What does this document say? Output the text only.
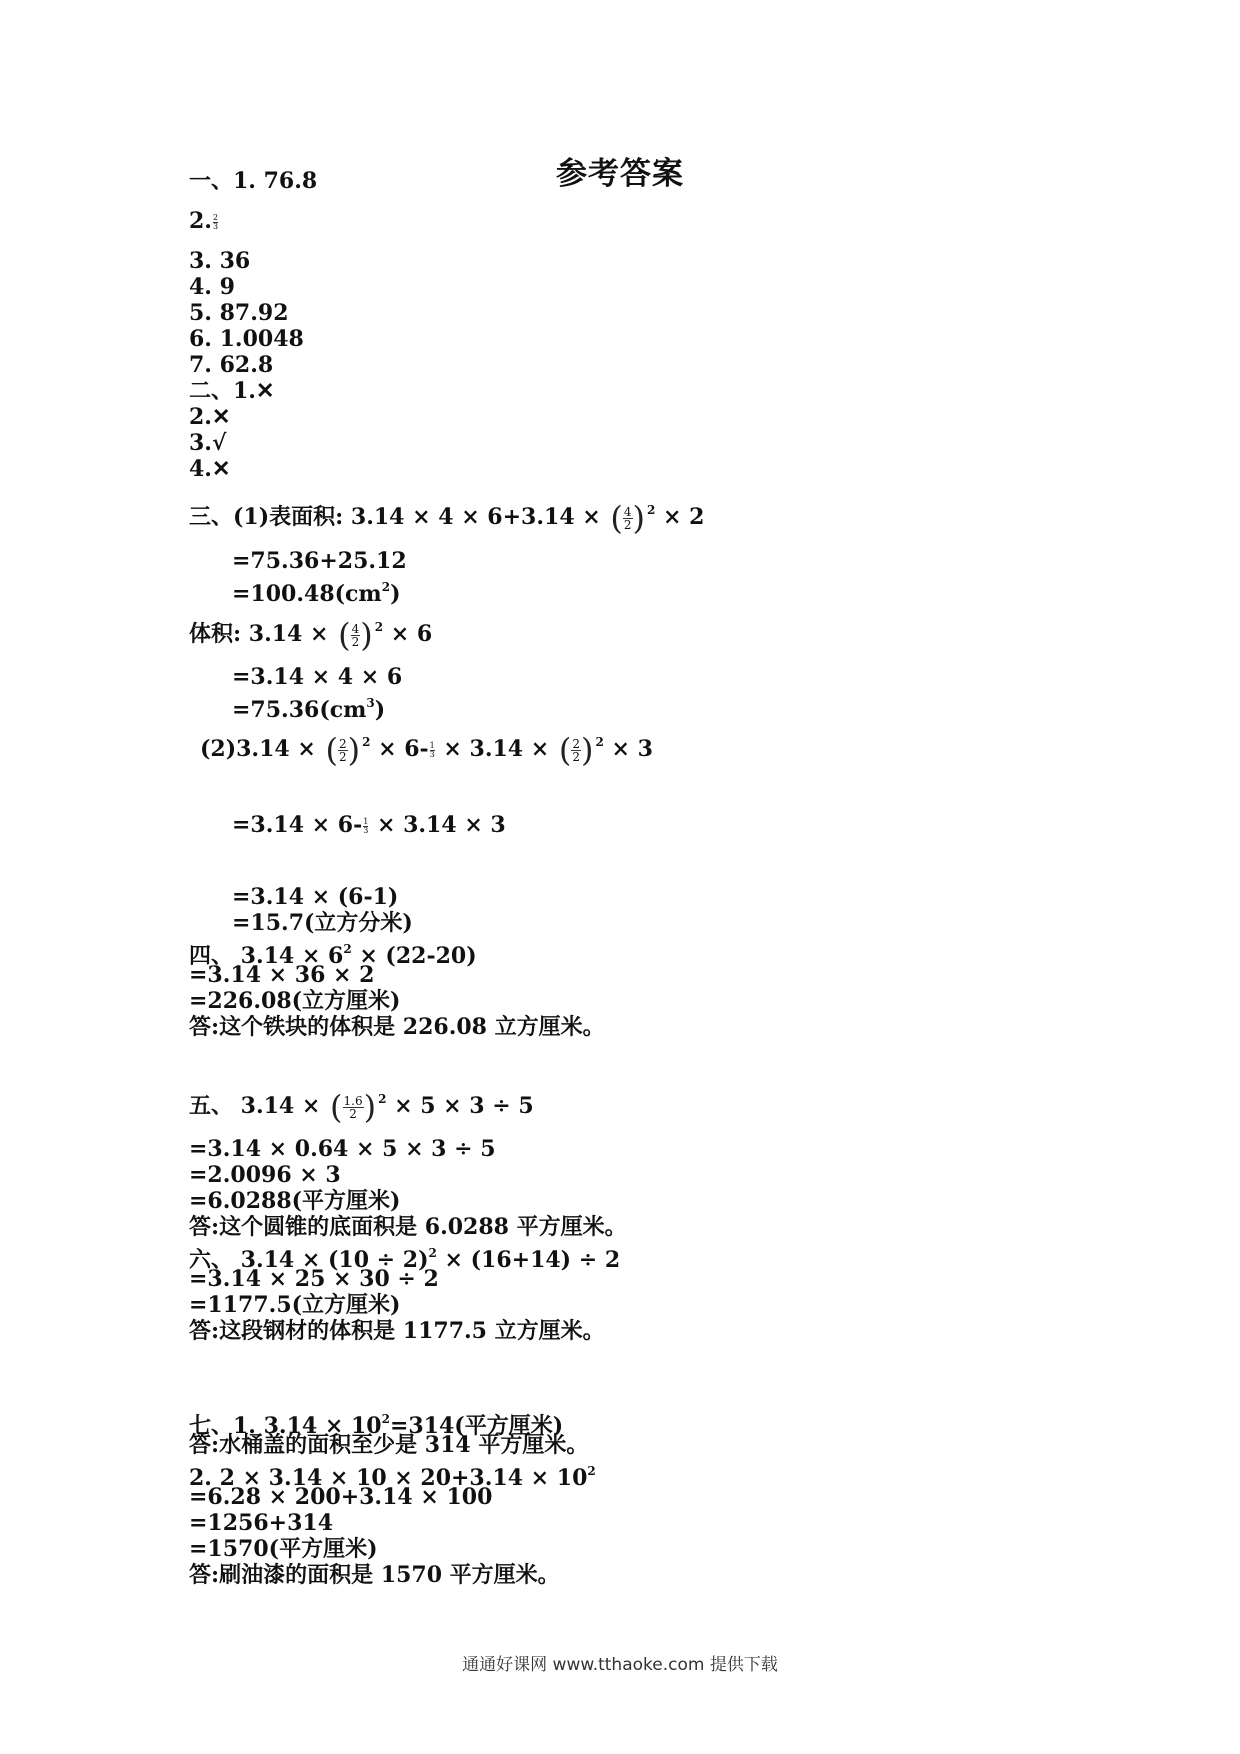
参考答案
一、1. 76.8
2. $\frac{2}{3}$
3. 36
4. 9
5. 87.92
6. 1.0048
7. 62.8
二、1.✕
2.✕
3.√
4.✕
三、(1)表面积: 3.14 × 4 × 6+3.14 × ( $\frac{4}{2}$ ) $^2$ × 2
=75.36+25.12
$=100.48(cm^2)$
体积: 3.14 × ( $\frac{4}{2}$ ) $^2$ × 6
=3.14 × 4 × 6
$=75.36(cm^3)$
(2)3.14 × ( $\frac{2}{2}$ ) $^2 \times 6- \frac{1}{3} \times 3.14$ × ( $\frac{2}{2}$ ) $^2$ × 3
$=3.14 \times 6- \frac{1}{3} \times 3.14 \times 3$
=3.14 × (6-1)
=15.7(立方分米)
四、 $3.14 \times 6^2 \times (22-20)$
=3.14 × 36 × 2
=226.08(立方厘米)
答:这个铁块的体积是 226.08 立方厘米。
五、 3.14 × ( $\frac{1.6}{2}$ ) $^2$ × 5 × 3 ÷ 5
=3.14 × 0.64 × 5 × 3 ÷ 5
=2.0096 × 3
=6.0288(平方厘米)
答:这个圆锥的底面积是 6.0288 平方厘米。
六、 $3.14 \times (10 \div 2)^2 \times (16+14) \div 2$
=3.14 × 25 × 30 ÷ 2
=1177.5(立方厘米)
答:这段钢材的体积是 1177.5 立方厘米。
七、1. $3.14 \times 10^2=314$(平方厘米)
答:水桶盖的面积至少是 314 平方厘米。
2. $2 \times 3.14 \times 10 \times 20+3.14 \times 10^2$
=6.28 × 200+3.14 × 100
=1256+314
=1570(平方厘米)
答:刷油漆的面积是 1570 平方厘米。
通通好课网 www.tthaoke.com 提供下载
